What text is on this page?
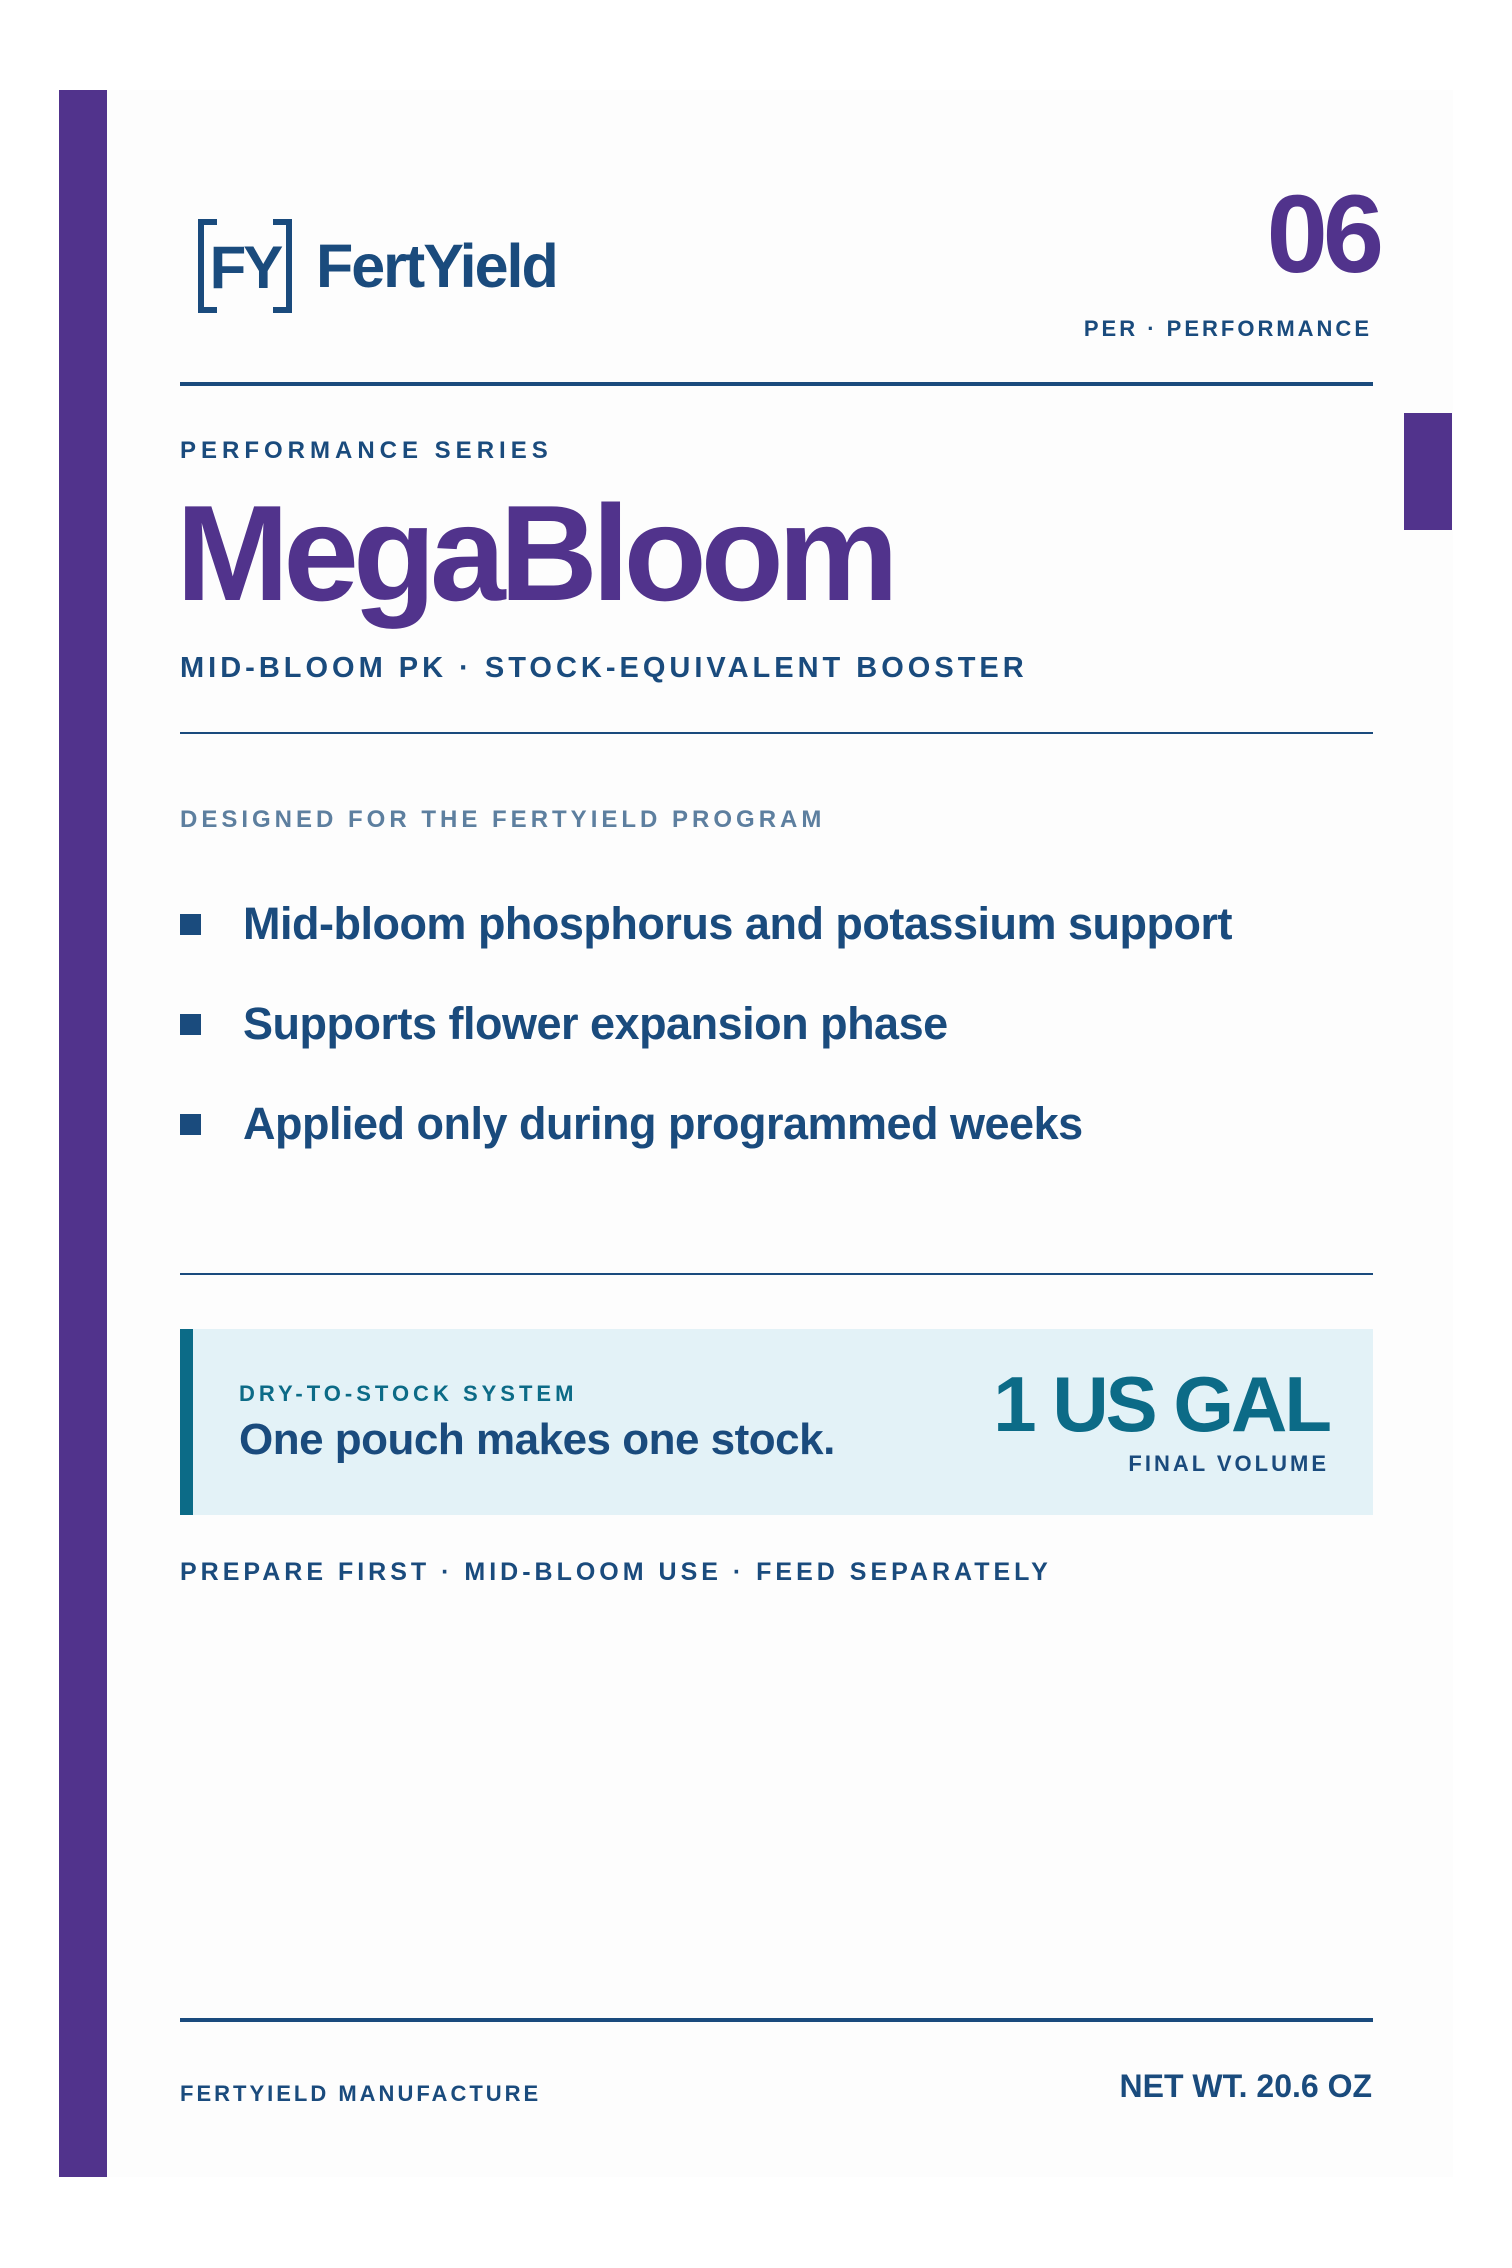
FY FertYield	06
PER · PERFORMANCE
PERFORMANCE SERIES
MegaBloom
MID-BLOOM PK · STOCK-EQUIVALENT BOOSTER
DESIGNED FOR THE FERTYIELD PROGRAM
Mid-bloom phosphorus and potassium support
Supports flower expansion phase
Applied only during programmed weeks
DRY-TO-STOCK SYSTEM
One pouch makes one stock. 1 US GAL
FINAL VOLUME
PREPARE FIRST · MID-BLOOM USE · FEED SEPARATELY
FERTYIELD MANUFACTURE	NET WT. 20.6 OZ
